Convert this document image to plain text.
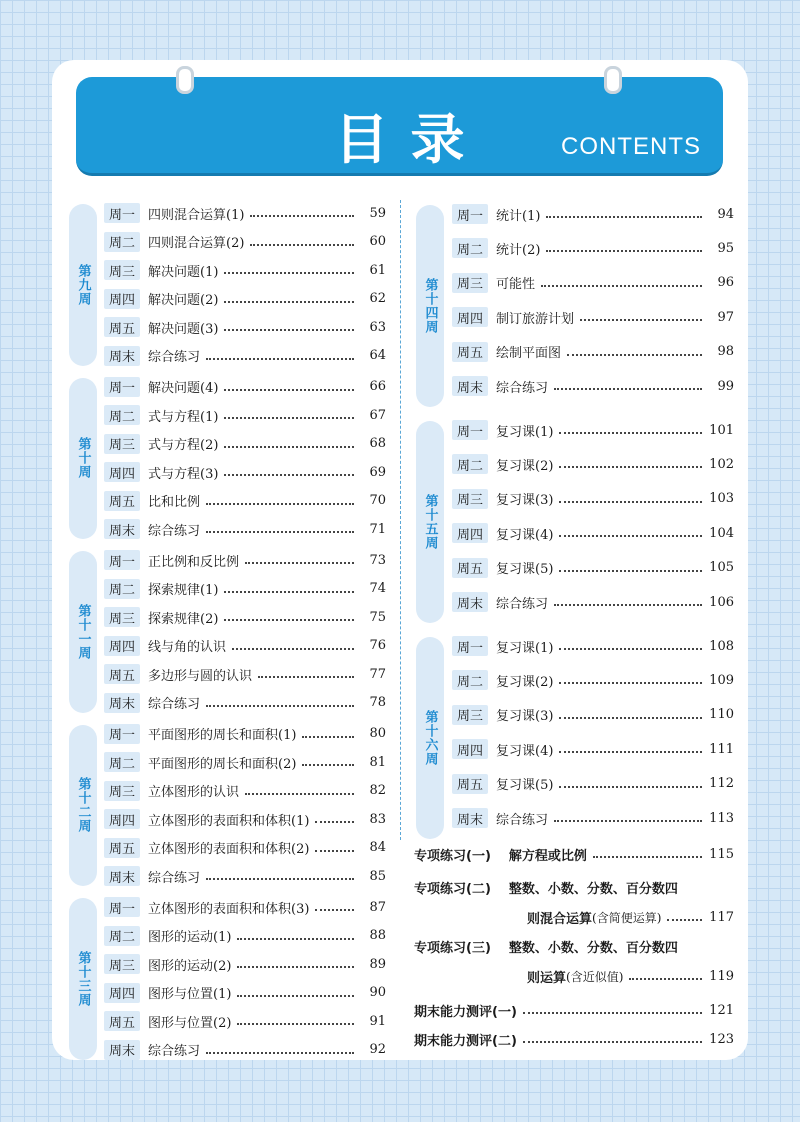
目录	CONTENTS
第九周
周一	四则混合运算(1)	59
周二	四则混合运算(2)	60
周三	解决问题(1)	61
周四	解决问题(2)	62
周五	解决问题(3)	63
周末	综合练习	64
第十周
周一	解决问题(4)	66
周二	式与方程(1)	67
周三	式与方程(2)	68
周四	式与方程(3)	69
周五	比和比例	70
周末	综合练习	71
第十一周
周一	正比例和反比例	73
周二	探索规律(1)	74
周三	探索规律(2)	75
周四	线与角的认识	76
周五	多边形与圆的认识	77
周末	综合练习	78
第十二周
周一	平面图形的周长和面积(1)	80
周二	平面图形的周长和面积(2)	81
周三	立体图形的认识	82
周四	立体图形的表面积和体积(1)	83
周五	立体图形的表面积和体积(2)	84
周末	综合练习	85
第十三周
周一	立体图形的表面积和体积(3)	87
周二	图形的运动(1)	88
周三	图形的运动(2)	89
周四	图形与位置(1)	90
周五	图形与位置(2)	91
周末	综合练习	92
第十四周
周一	统计(1)	94
周二	统计(2)	95
周三	可能性	96
周四	制订旅游计划	97
周五	绘制平面图	98
周末	综合练习	99
第十五周
周一	复习课(1)	101
周二	复习课(2)	102
周三	复习课(3)	103
周四	复习课(4)	104
周五	复习课(5)	105
周末	综合练习	106
第十六周
周一	复习课(1)	108
周二	复习课(2)	109
周三	复习课(3)	110
周四	复习课(4)	111
周五	复习课(5)	112
周末	综合练习	113
专项练习(一) 解方程或比例	115
专项练习(二) 整数、小数、分数、百分数四
则混合运算 (含简便运算)	117
专项练习(三) 整数、小数、分数、百分数四
则运算 (含近似值)	119
期末能力测评(一)	121
期末能力测评(二)	123
